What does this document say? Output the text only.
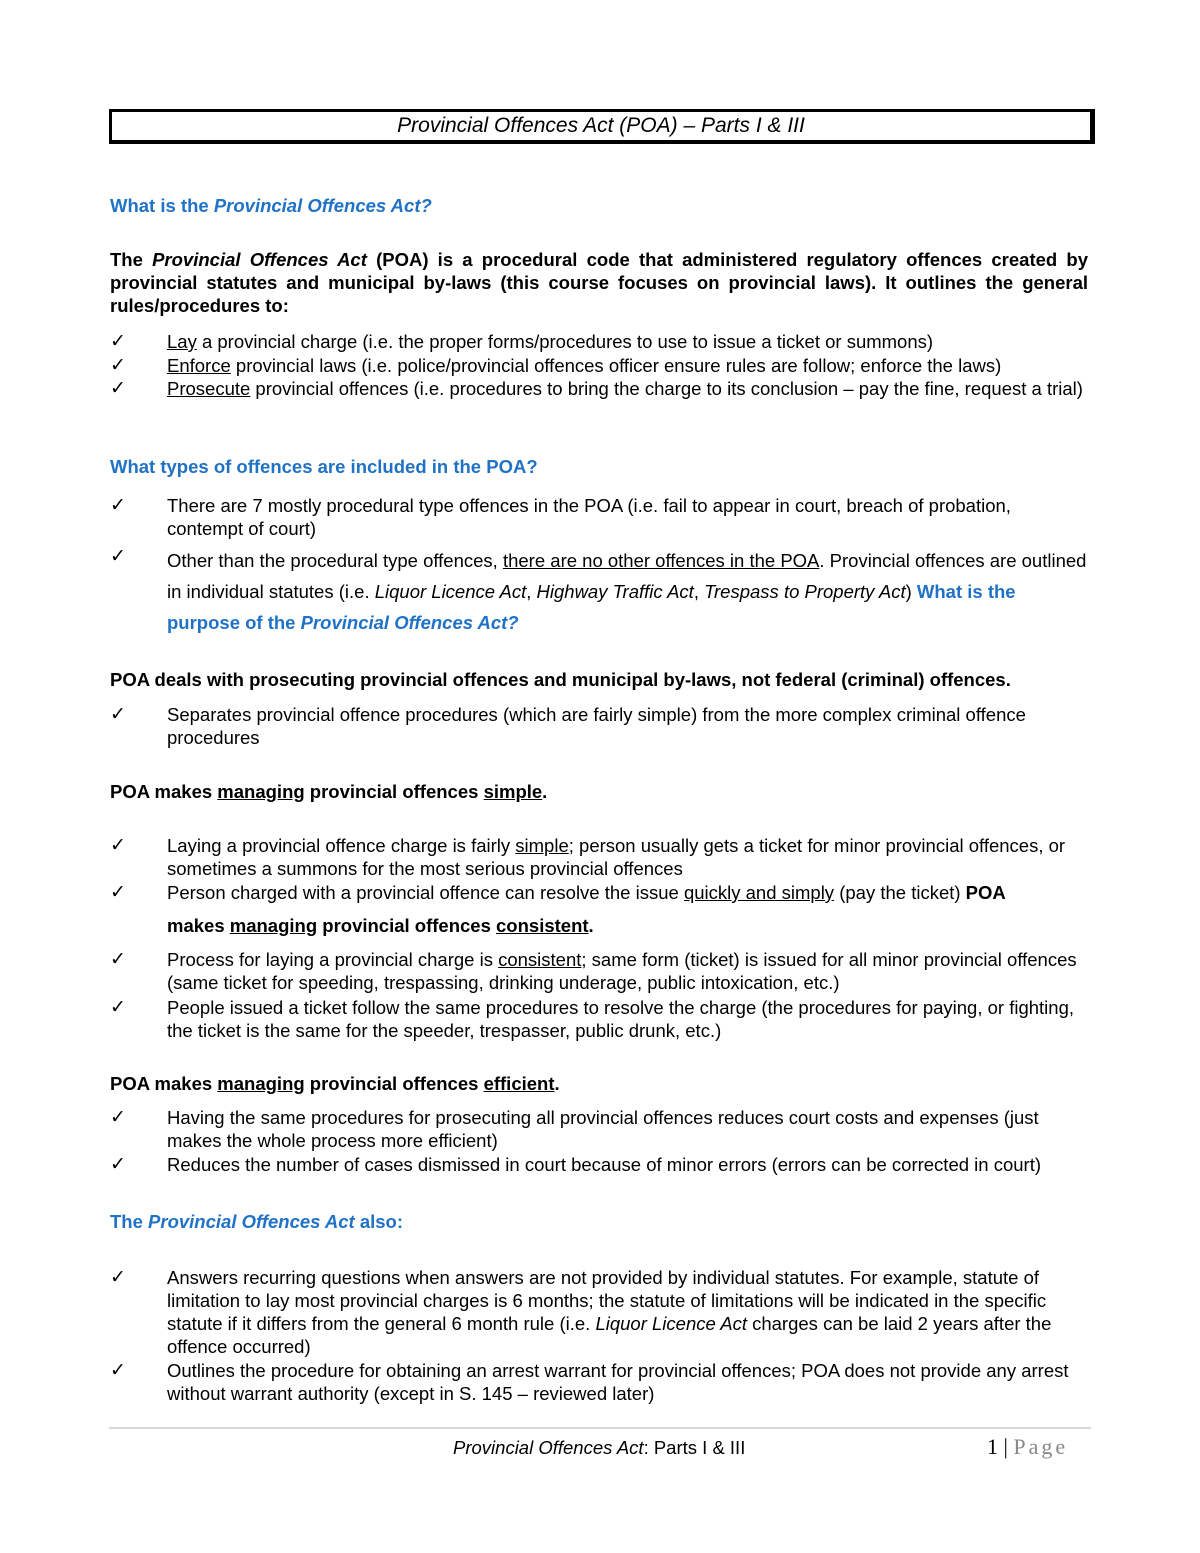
Provincial Offences Act (POA) – Parts I & III
What is the Provincial Offences Act?
The Provincial Offences Act (POA) is a procedural code that administered regulatory offences created by provincial statutes and municipal by-laws (this course focuses on provincial laws). It outlines the general rules/procedures to:
✓ Lay a provincial charge (i.e. the proper forms/procedures to use to issue a ticket or summons)
✓ Enforce provincial laws (i.e. police/provincial offences officer ensure rules are follow; enforce the laws)
✓ Prosecute provincial offences (i.e. procedures to bring the charge to its conclusion – pay the fine, request a trial)
What types of offences are included in the POA?
✓ There are 7 mostly procedural type offences in the POA (i.e. fail to appear in court, breach of probation, contempt of court)
✓ Other than the procedural type offences, there are no other offences in the POA. Provincial offences are outlined in individual statutes (i.e. Liquor Licence Act, Highway Traffic Act, Trespass to Property Act) What is the purpose of the Provincial Offences Act?
POA deals with prosecuting provincial offences and municipal by-laws, not federal (criminal) offences.
✓ Separates provincial offence procedures (which are fairly simple) from the more complex criminal offence procedures
POA makes managing provincial offences simple.
✓ Laying a provincial offence charge is fairly simple; person usually gets a ticket for minor provincial offences, or sometimes a summons for the most serious provincial offences
✓ Person charged with a provincial offence can resolve the issue quickly and simply (pay the ticket) POA
makes managing provincial offences consistent.
✓ Process for laying a provincial charge is consistent; same form (ticket) is issued for all minor provincial offences (same ticket for speeding, trespassing, drinking underage, public intoxication, etc.)
✓ People issued a ticket follow the same procedures to resolve the charge (the procedures for paying, or fighting, the ticket is the same for the speeder, trespasser, public drunk, etc.)
POA makes managing provincial offences efficient.
✓ Having the same procedures for prosecuting all provincial offences reduces court costs and expenses (just makes the whole process more efficient)
✓ Reduces the number of cases dismissed in court because of minor errors (errors can be corrected in court)
The Provincial Offences Act also:
✓ Answers recurring questions when answers are not provided by individual statutes. For example, statute of limitation to lay most provincial charges is 6 months; the statute of limitations will be indicated in the specific statute if it differs from the general 6 month rule (i.e. Liquor Licence Act charges can be laid 2 years after the offence occurred)
✓ Outlines the procedure for obtaining an arrest warrant for provincial offences; POA does not provide any arrest without warrant authority (except in S. 145 – reviewed later)
Provincial Offences Act: Parts I & III	1 | Page
